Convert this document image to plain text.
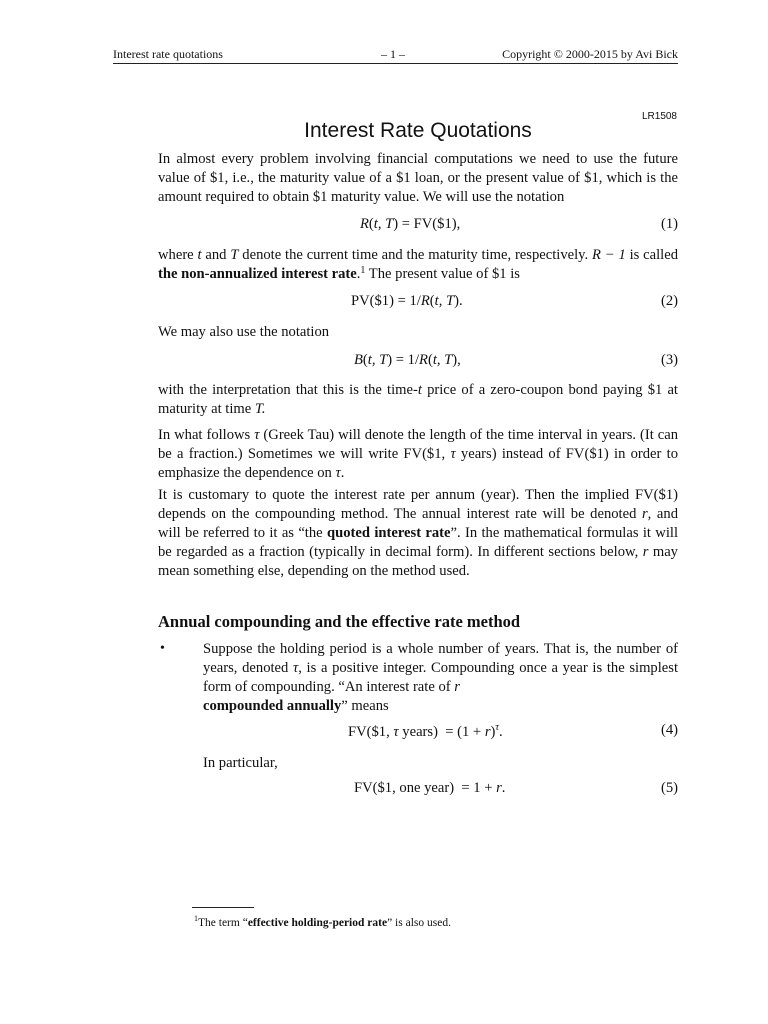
Interest rate quotations	– 1 –	Copyright © 2000-2015 by Avi Bick
LR1508
Interest Rate Quotations
In almost every problem involving financial computations we need to use the future value of $1, i.e., the maturity value of a $1 loan, or the present value of $1, which is the amount required to obtain $1 maturity value. We will use the notation
R(t, T) = FV($1),	(1)
where t and T denote the current time and the maturity time, respectively. R − 1 is called the non-annualized interest rate.$^1$ The present value of $1 is
PV($1) = 1/R(t, T).	(2)
We may also use the notation
B(t, T) = 1/R(t, T),	(3)
with the interpretation that this is the time-t price of a zero-coupon bond paying $1 at maturity at time T.
In what follows τ (Greek Tau) will denote the length of the time interval in years. (It can be a fraction.) Sometimes we will write FV($1, τ years) instead of FV($1) in order to emphasize the dependence on τ.
It is customary to quote the interest rate per annum (year). Then the implied FV($1) depends on the compounding method. The annual interest rate will be denoted r, and will be referred to it as “the quoted interest rate”. In the mathematical formulas it will be regarded as a fraction (typically in decimal form). In different sections below, r may mean something else, depending on the method used.
Annual compounding and the effective rate method
•	Suppose the holding period is a whole number of years. That is, the number of years, denoted τ, is a positive integer. Compounding once a year is the simplest form of compounding. “An interest rate of r
compounded annually” means
FV($1, τ years)  = $(1 + r)^\tau$.	(4)
In particular,
FV($1, one year)  = 1 + r.	(5)
$^1$The term “effective holding-period rate” is also used.
